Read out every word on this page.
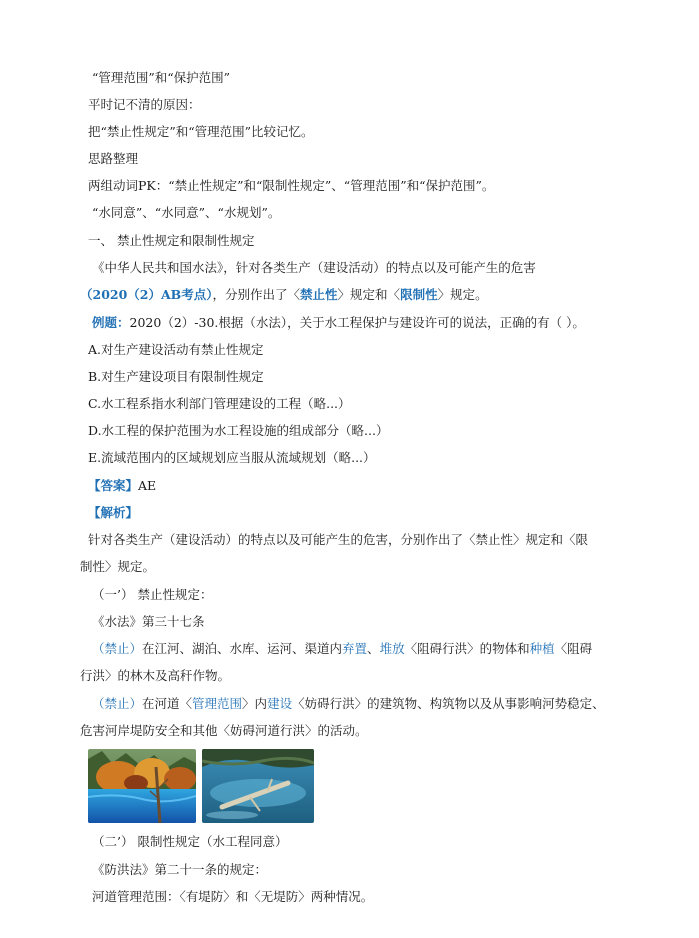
“管理范围”和“保护范围”
平时记不清的原因：
把“禁止性规定”和“管理范围”比较记忆。
思路整理
两组动词PK：“禁止性规定”和“限制性规定”、“管理范围”和“保护范围”。
“水同意”、“水同意”、“水规划”。
一、 禁止性规定和限制性规定
《中华人民共和国水法》，针对各类生产（建设活动）的特点以及可能产生的危害
（2020（2）AB考点），分别作出了〈禁止性〉规定和〈限制性〉规定。
例题：2020（2）-30.根据（水法），关于水工程保护与建设许可的说法，正确的有（ ）。
A.对生产建设活动有禁止性规定
B.对生产建设项目有限制性规定
C.水工程系指水利部门管理建设的工程（略...）
D.水工程的保护范围为水工程设施的组成部分（略...）
E.流域范围内的区域规划应当服从流域规划（略...）
【答案】AE
【解析】
针对各类生产（建设活动）的特点以及可能产生的危害，分别作出了〈禁止性〉规定和〈限
制性〉规定。
（一’） 禁止性规定：
《水法》第三十七条
（禁止）在江河、湖泊、水库、运河、渠道内弃置、堆放〈阻碍行洪〉的物体和种植〈阻碍
行洪〉的林木及高秆作物。
（禁止）在河道〈管理范围〉内建设〈妨碍行洪〉的建筑物、构筑物以及从事影响河势稳定、
危害河岸堤防安全和其他〈妨碍河道行洪〉的活动。
（二’） 限制性规定（水工程同意）
《防洪法》第二十一条的规定：
河道管理范围：〈有堤防〉和〈无堤防〉两种情况。
